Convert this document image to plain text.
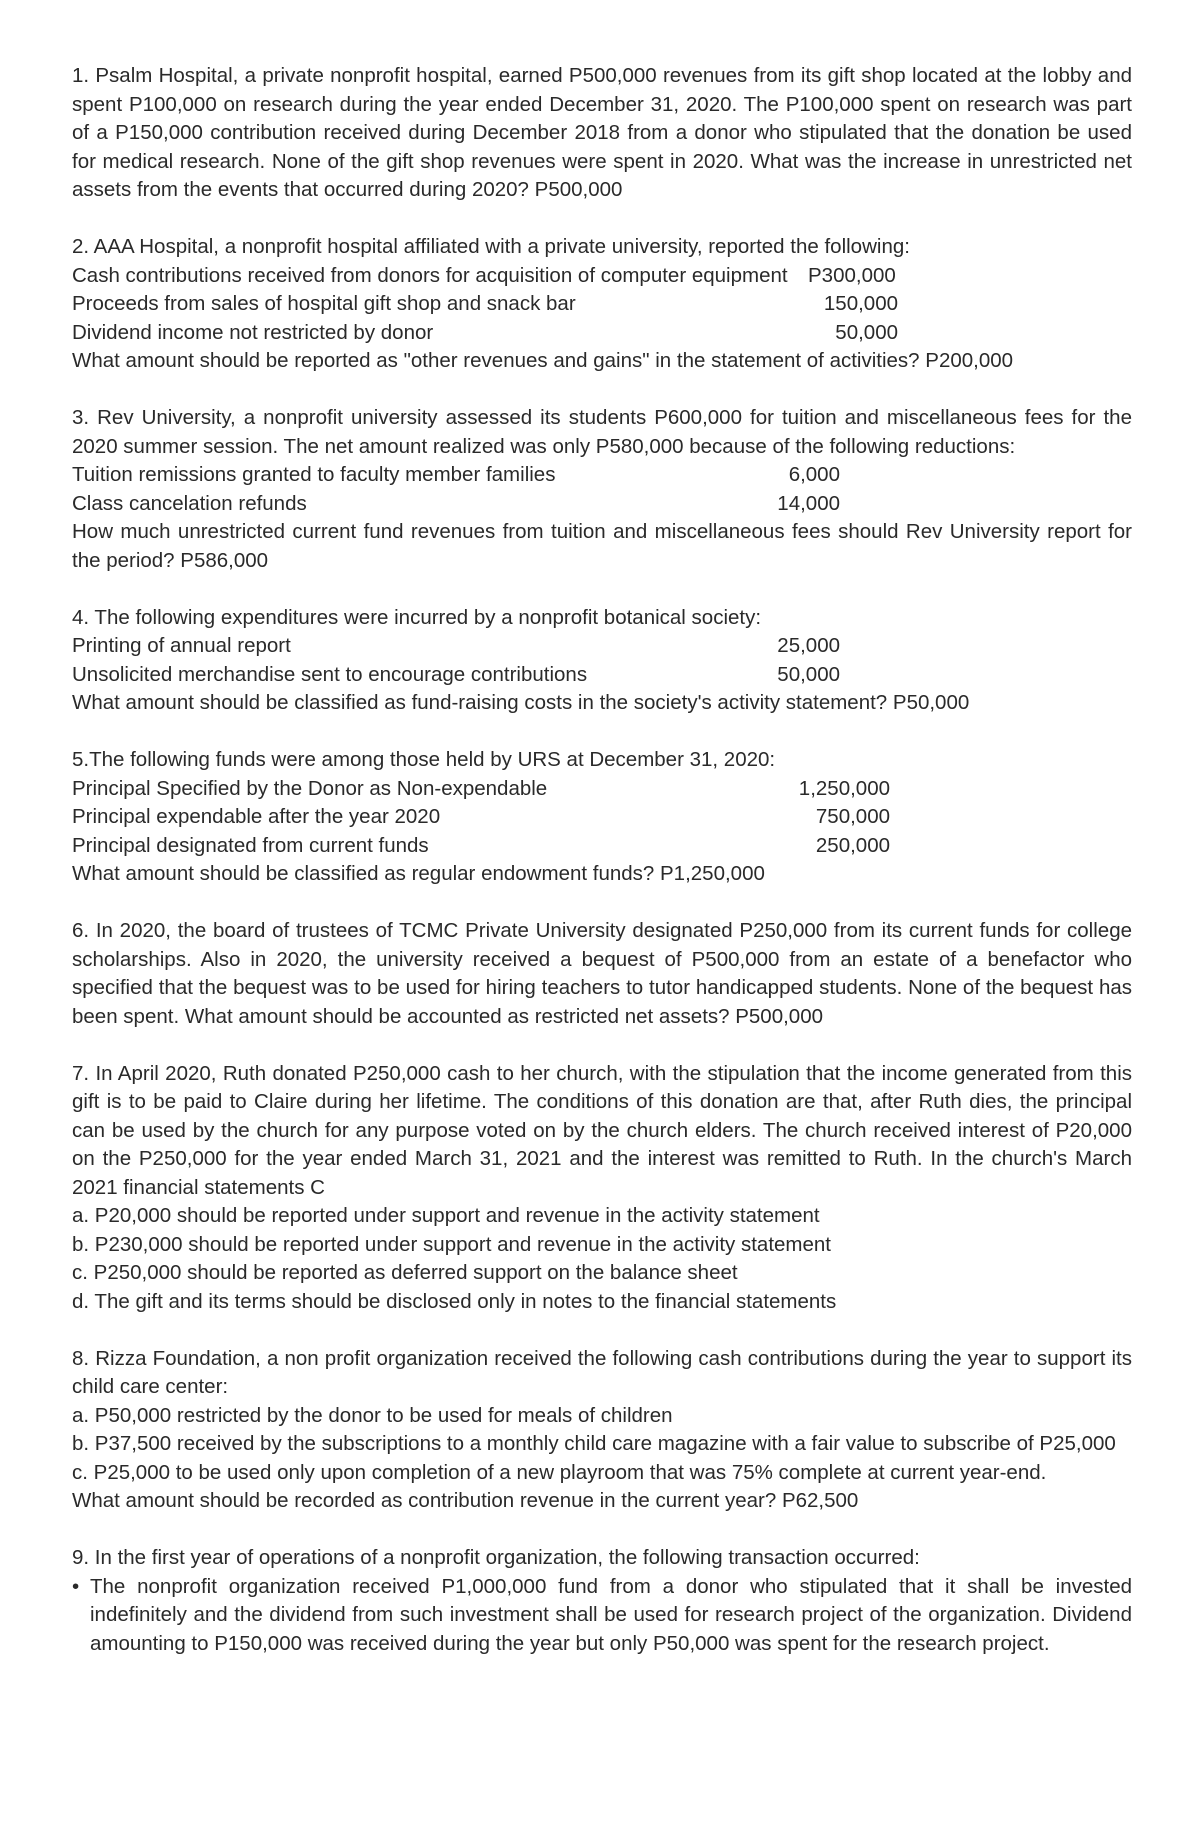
1. Psalm Hospital, a private nonprofit hospital, earned P500,000 revenues from its gift shop located at the lobby and spent P100,000 on research during the year ended December 31, 2020. The P100,000 spent on research was part of a P150,000 contribution received during December 2018 from a donor who stipulated that the donation be used for medical research. None of the gift shop revenues were spent in 2020. What was the increase in unrestricted net assets from the events that occurred during 2020? P500,000

2. AAA Hospital, a nonprofit hospital affiliated with a private university, reported the following:

Cash contributions received from donors for acquisition of computer equipment P300,000
Proceeds from sales of hospital gift shop and snack bar	150,000
Dividend income not restricted by donor	50,000

What amount should be reported as "other revenues and gains" in the statement of activities? P200,000

3. Rev University, a nonprofit university assessed its students P600,000 for tuition and miscellaneous fees for the 2020 summer session. The net amount realized was only P580,000 because of the following reductions:

Tuition remissions granted to faculty member families	6,000
Class cancelation refunds	14,000

How much unrestricted current fund revenues from tuition and miscellaneous fees should Rev University report for the period? P586,000

4. The following expenditures were incurred by a nonprofit botanical society:

Printing of annual report	25,000
Unsolicited merchandise sent to encourage contributions	50,000

What amount should be classified as fund-raising costs in the society's activity statement? P50,000

5.The following funds were among those held by URS at December 31, 2020:

Principal Specified by the Donor as Non-expendable	1,250,000
Principal expendable after the year 2020	750,000
Principal designated from current funds	250,000

What amount should be classified as regular endowment funds? P1,250,000

6. In 2020, the board of trustees of TCMC Private University designated P250,000 from its current funds for college scholarships. Also in 2020, the university received a bequest of P500,000 from an estate of a benefactor who specified that the bequest was to be used for hiring teachers to tutor handicapped students. None of the bequest has been spent. What amount should be accounted as restricted net assets? P500,000

7. In April 2020, Ruth donated P250,000 cash to her church, with the stipulation that the income generated from this gift is to be paid to Claire during her lifetime. The conditions of this donation are that, after Ruth dies, the principal can be used by the church for any purpose voted on by the church elders. The church received interest of P20,000 on the P250,000 for the year ended March 31, 2021 and the interest was remitted to Ruth. In the church's March 2021 financial statements C

a. P20,000 should be reported under support and revenue in the activity statement

b. P230,000 should be reported under support and revenue in the activity statement

c. P250,000 should be reported as deferred support on the balance sheet

d. The gift and its terms should be disclosed only in notes to the financial statements

8. Rizza Foundation, a non profit organization received the following cash contributions during the year to support its child care center:

a. P50,000 restricted by the donor to be used for meals of children

b. P37,500 received by the subscriptions to a monthly child care magazine with a fair value to subscribe of P25,000

c. P25,000 to be used only upon completion of a new playroom that was 75% complete at current year-end.

What amount should be recorded as contribution revenue in the current year? P62,500

9. In the first year of operations of a nonprofit organization, the following transaction occurred:

• The nonprofit organization received P1,000,000 fund from a donor who stipulated that it shall be invested indefinitely and the dividend from such investment shall be used for research project of the organization. Dividend amounting to P150,000 was received during the year but only P50,000 was spent for the research project.
